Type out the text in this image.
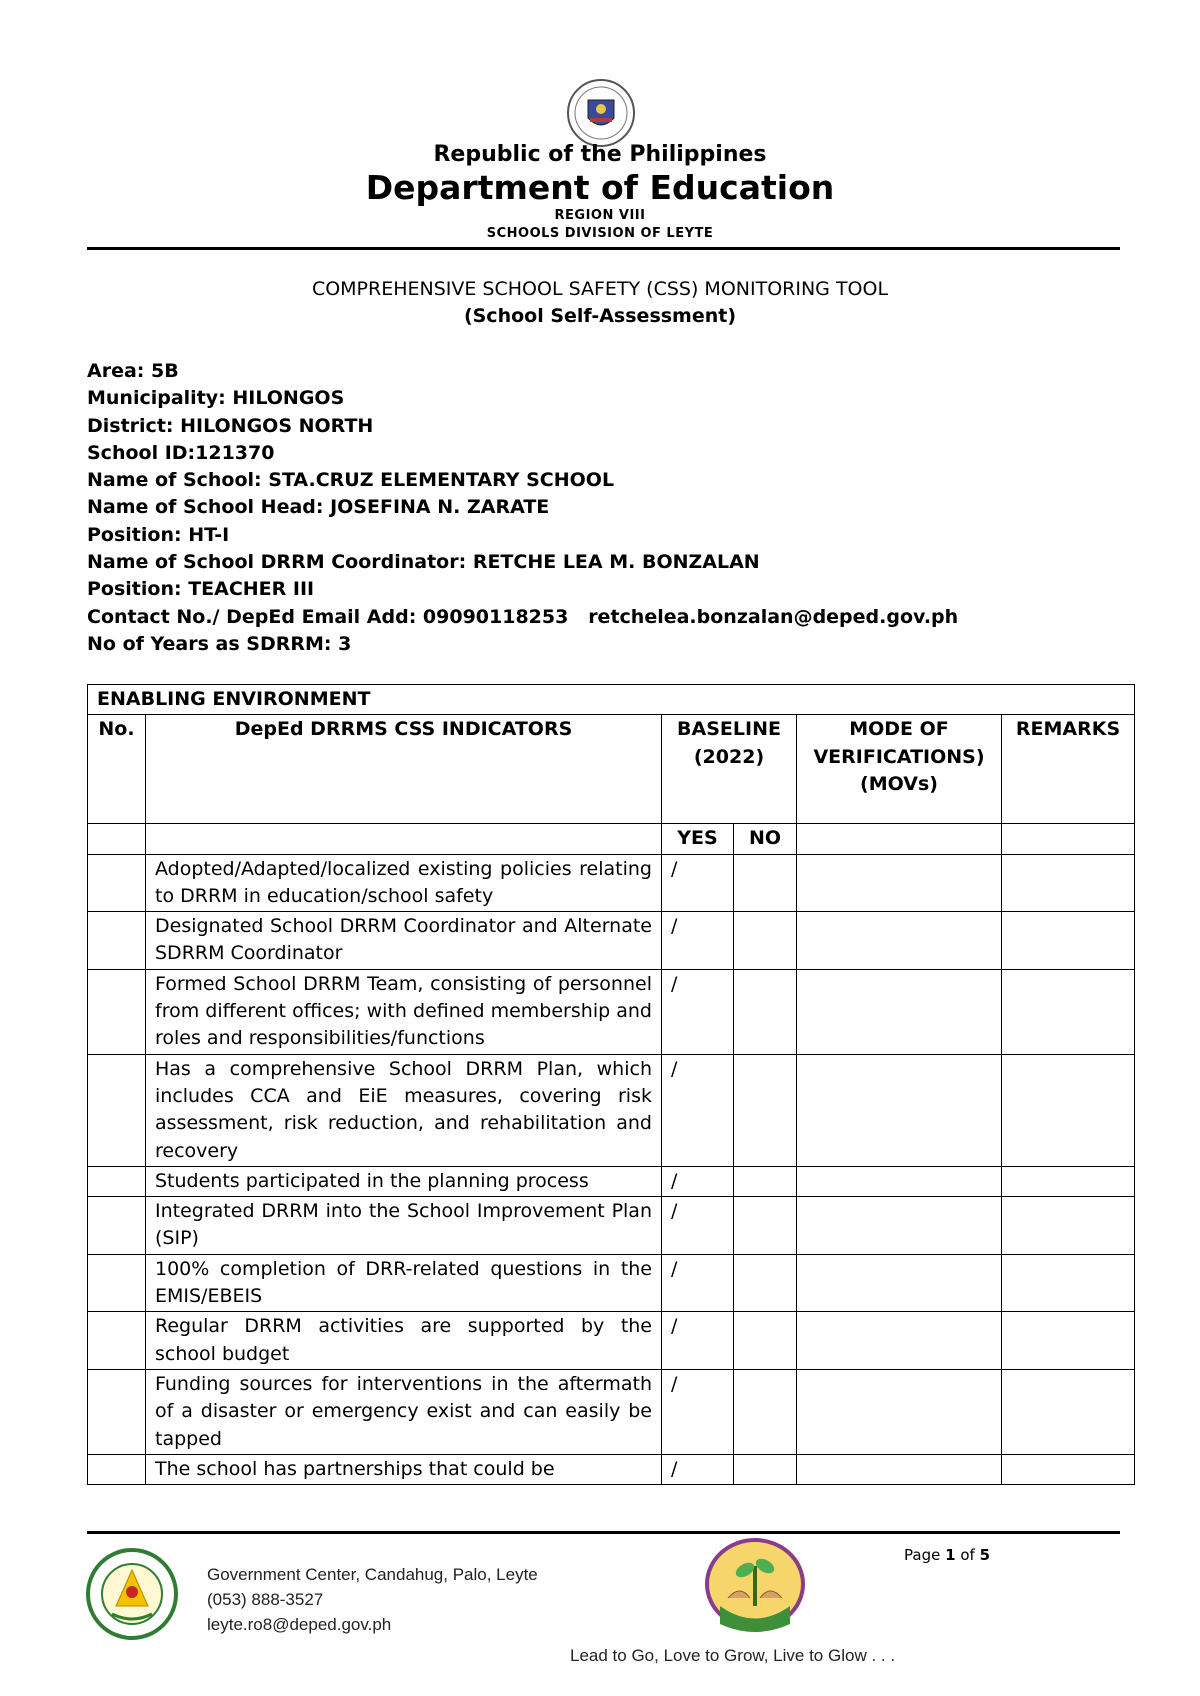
Republic of the Philippines
Department of Education
REGION VIII
SCHOOLS DIVISION OF LEYTE
COMPREHENSIVE SCHOOL SAFETY (CSS) MONITORING TOOL
(School Self-Assessment)
Area: 5B
Municipality: HILONGOS
District: HILONGOS NORTH
School ID:121370
Name of School: STA.CRUZ ELEMENTARY SCHOOL
Name of School Head: JOSEFINA N. ZARATE
Position: HT-I
Name of School DRRM Coordinator: RETCHE LEA M. BONZALAN
Position: TEACHER III
Contact No./ DepEd Email Add: 09090118253   retchelea.bonzalan@deped.gov.ph
No of Years as SDRRM: 3
ENABLING ENVIRONMENT					
No.	DepEd DRRMS CSS INDICATORS	BASELINE (2022)		MODE OF VERIFICATIONS) (MOVs)	REMARKS
		YES	NO		
	Adopted/Adapted/localized existing policies relating to DRRM in education/school safety	/			
	Designated School DRRM Coordinator and Alternate SDRRM Coordinator	/			
	Formed School DRRM Team, consisting of personnel from different offices; with defined membership and roles and responsibilities/functions	/			
	Has a comprehensive School DRRM Plan, which includes CCA and EiE measures, covering risk assessment, risk reduction, and rehabilitation and recovery	/			
	Students participated in the planning process	/			
	Integrated DRRM into the School Improvement Plan (SIP)	/			
	100% completion of DRR-related questions in the EMIS/EBEIS	/			
	Regular DRRM activities are supported by the school budget	/			
	Funding sources for interventions in the aftermath of a disaster or emergency exist and can easily be tapped	/			
	The school has partnerships that could be	/			
Government Center, Candahug, Palo, Leyte
(053) 888-3527
leyte.ro8@deped.gov.ph
Page 1 of 5
Lead to Go, Love to Grow, Live to Glow . . .
